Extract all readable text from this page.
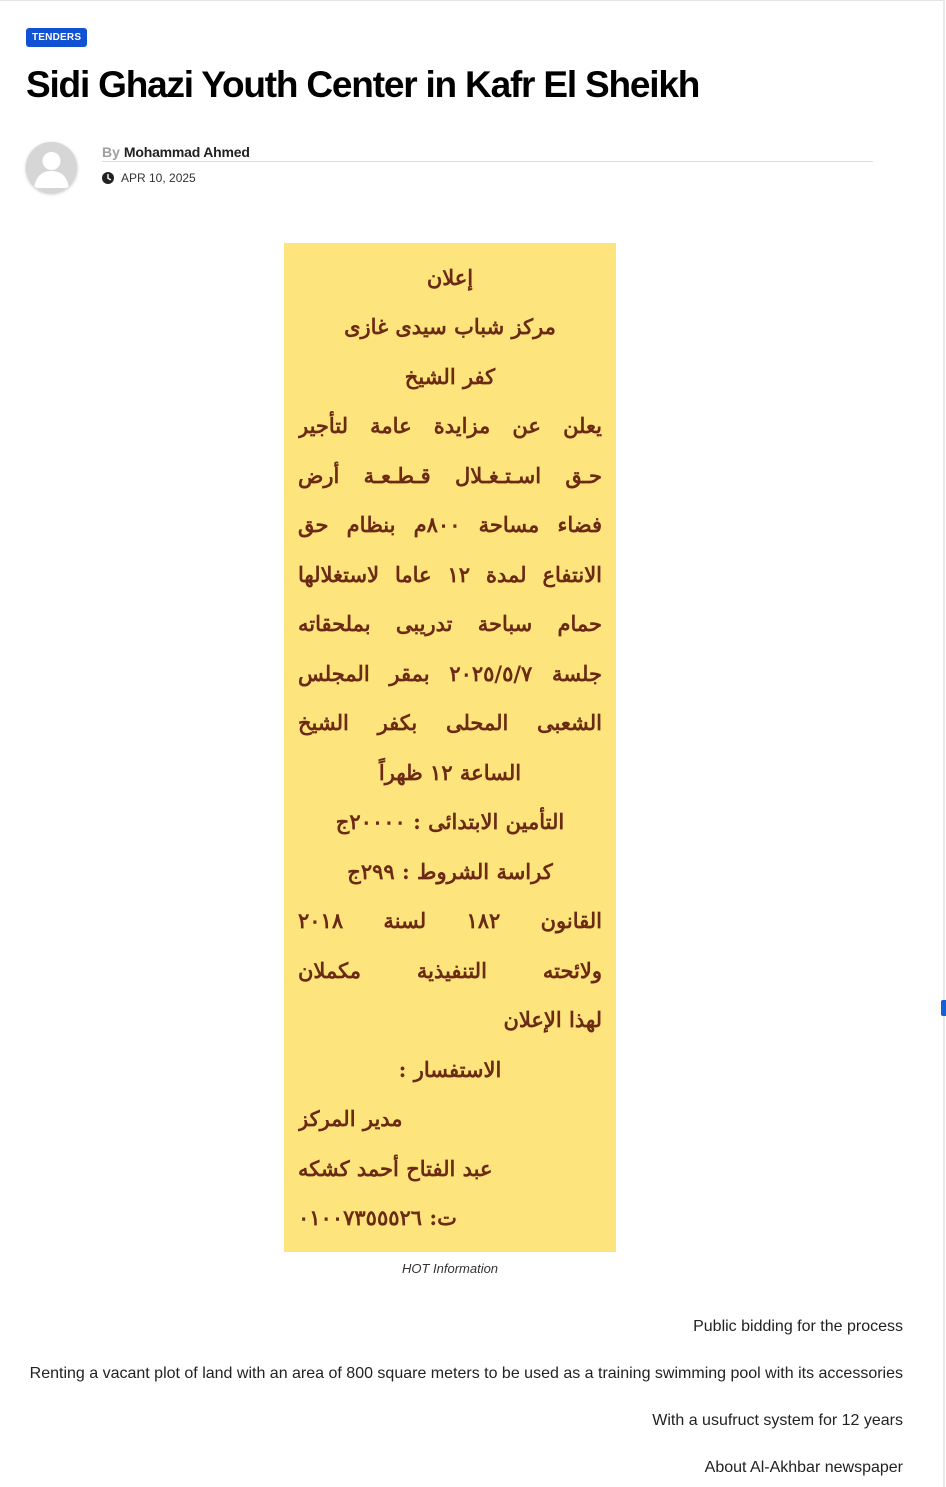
TENDERS
Sidi Ghazi Youth Center in Kafr El Sheikh
By Mohammad Ahmed
APR 10, 2025
إعلان
مركز شباب سيدى غازى
كفر الشيخ
يعلن عن مزايدة عامة لتأجير
حـق اسـتـغـلال قـطـعـة أرض
فضاء مساحة ٨٠٠م بنظام حق
الانتفاع لمدة ١٢ عاما لاستغلالها
حمام سباحة تدريبى بملحقاته
جلسة ٢٠٢٥/٥/٧ بمقر المجلس
الشعبى المحلى بكفر الشيخ
الساعة ١٢ ظهراً
التأمين الابتدائى : ٢٠٠٠٠ج
كراسة الشروط : ٢٩٩ج
القانون ١٨٢ لسنة ٢٠١٨
ولائحته التنفيذية مكملان
لهذا الإعلان
الاستفسار :
مدير المركز
عبد الفتاح أحمد كشكه
ت: ٠١٠٠٧٣٥٥٥٢٦
HOT Information

Public bidding for the process

Renting a vacant plot of land with an area of 800 square meters to be used as a training swimming pool with its accessories

With a usufruct system for 12 years

About Al-Akhbar newspaper
